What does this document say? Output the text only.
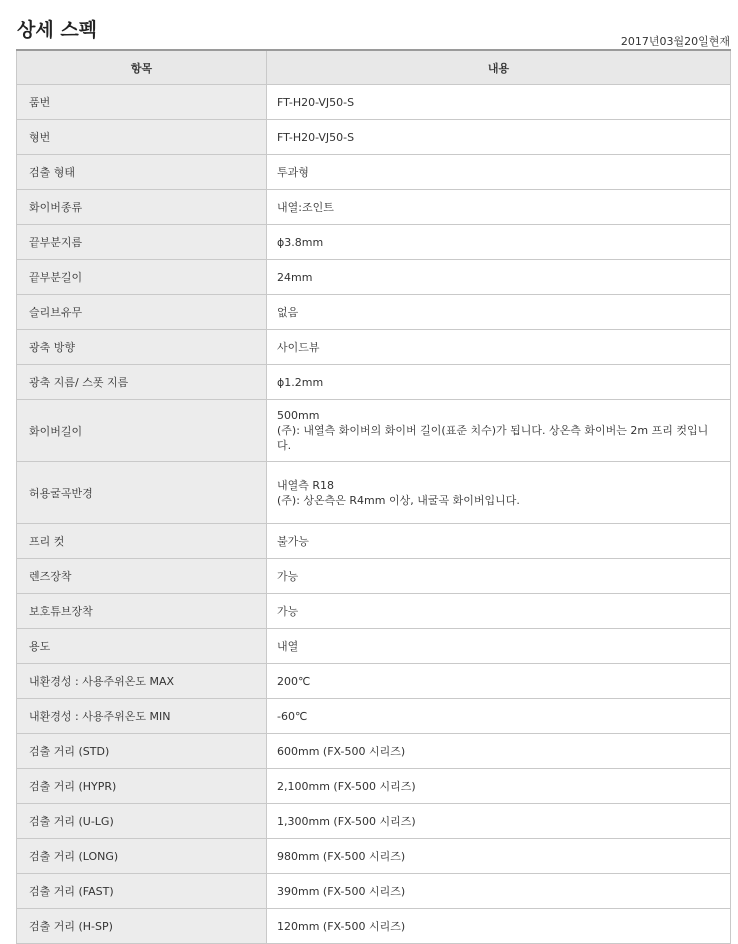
상세 스펙
2017년03월20일현재
항목	내용
품번	FT-H20-VJ50-S

형번	FT-H20-VJ50-S

검출 형태	투과형

화이버종류	내열:조인트

끝부분지름	ϕ3.8mm

끝부분길이	24mm

슬리브유무	없음

광축 방향	사이드뷰

광축 지름/ 스폿 지름	ϕ1.2mm

화이버길이	500mm
(주): 내열측 화이버의 화이버 길이(표준 치수)가 됩니다. 상온측 화이버는 2m 프리 컷입니다.

허용굴곡반경	내열측 R18
(주): 상온측은 R4mm 이상, 내굴곡 화이버입니다.

프리 컷	불가능

렌즈장착	가능

보호튜브장착	가능

용도	내열

내환경성 : 사용주위온도 MAX	200℃

내환경성 : 사용주위온도 MIN	-60℃

검출 거리 (STD)	600mm (FX-500 시리즈)

검출 거리 (HYPR)	2,100mm (FX-500 시리즈)

검출 거리 (U-LG)	1,300mm (FX-500 시리즈)

검출 거리 (LONG)	980mm (FX-500 시리즈)

검출 거리 (FAST)	390mm (FX-500 시리즈)

검출 거리 (H-SP)	120mm (FX-500 시리즈)
